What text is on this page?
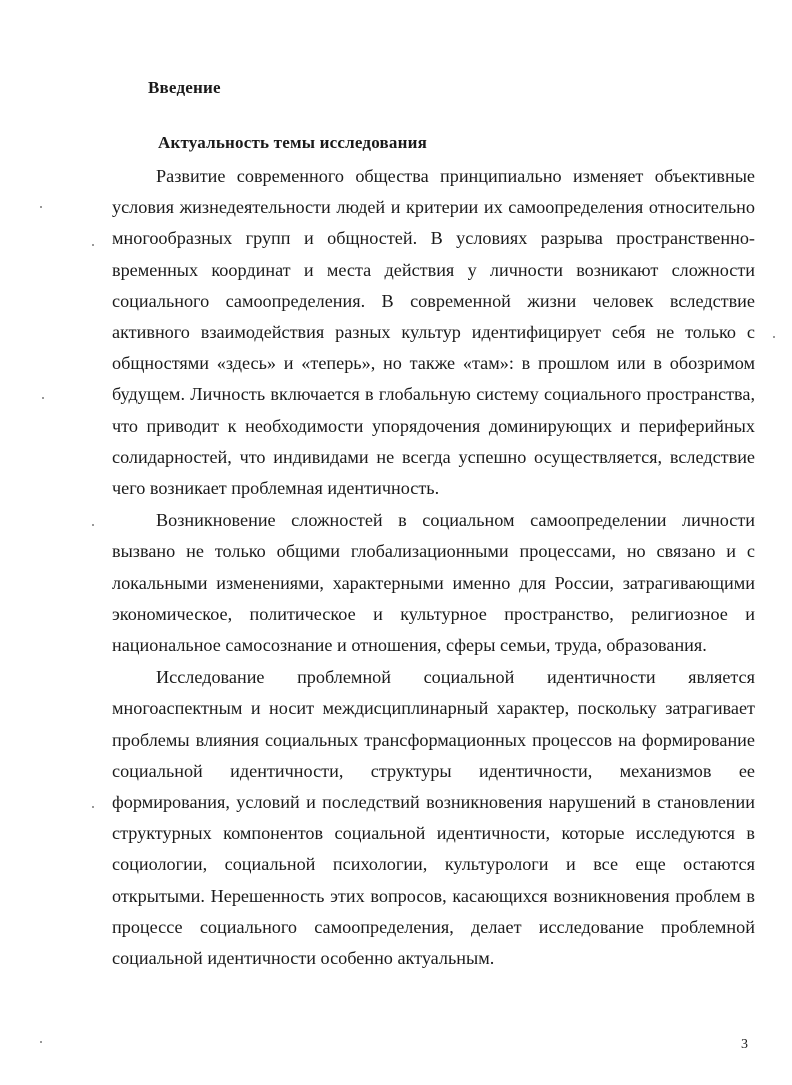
Введение
Актуальность темы исследования

Развитие современного общества принципиально изменяет объективные условия жизнедеятельности людей и критерии их самоопределения относительно многообразных групп и общностей. В условиях разрыва пространственно-временных координат и места действия у личности возникают сложности социального самоопределения. В современной жизни человек вследствие активного взаимодействия разных культур идентифицирует себя не только с общностями «здесь» и «теперь», но также «там»: в прошлом или в обозримом будущем. Личность включается в глобальную систему социального пространства, что приводит к необходимости упорядочения доминирующих и периферийных солидарностей, что индивидами не всегда успешно осуществляется, вследствие чего возникает проблемная идентичность.

Возникновение сложностей в социальном самоопределении личности вызвано не только общими глобализационными процессами, но связано и с локальными изменениями, характерными именно для России, затрагивающими экономическое, политическое и культурное пространство, религиозное и национальное самосознание и отношения, сферы семьи, труда, образования.

Исследование проблемной социальной идентичности является многоаспектным и носит междисциплинарный характер, поскольку затрагивает проблемы влияния социальных трансформационных процессов на формирование социальной идентичности, структуры идентичности, механизмов ее формирования, условий и последствий возникновения нарушений в становлении структурных компонентов социальной идентичности, которые исследуются в социологии, социальной психологии, культурологи и все еще остаются открытыми. Нерешенность этих вопросов, касающихся возникновения проблем в процессе социального самоопределения, делает исследование проблемной социальной идентичности особенно актуальным.

3
